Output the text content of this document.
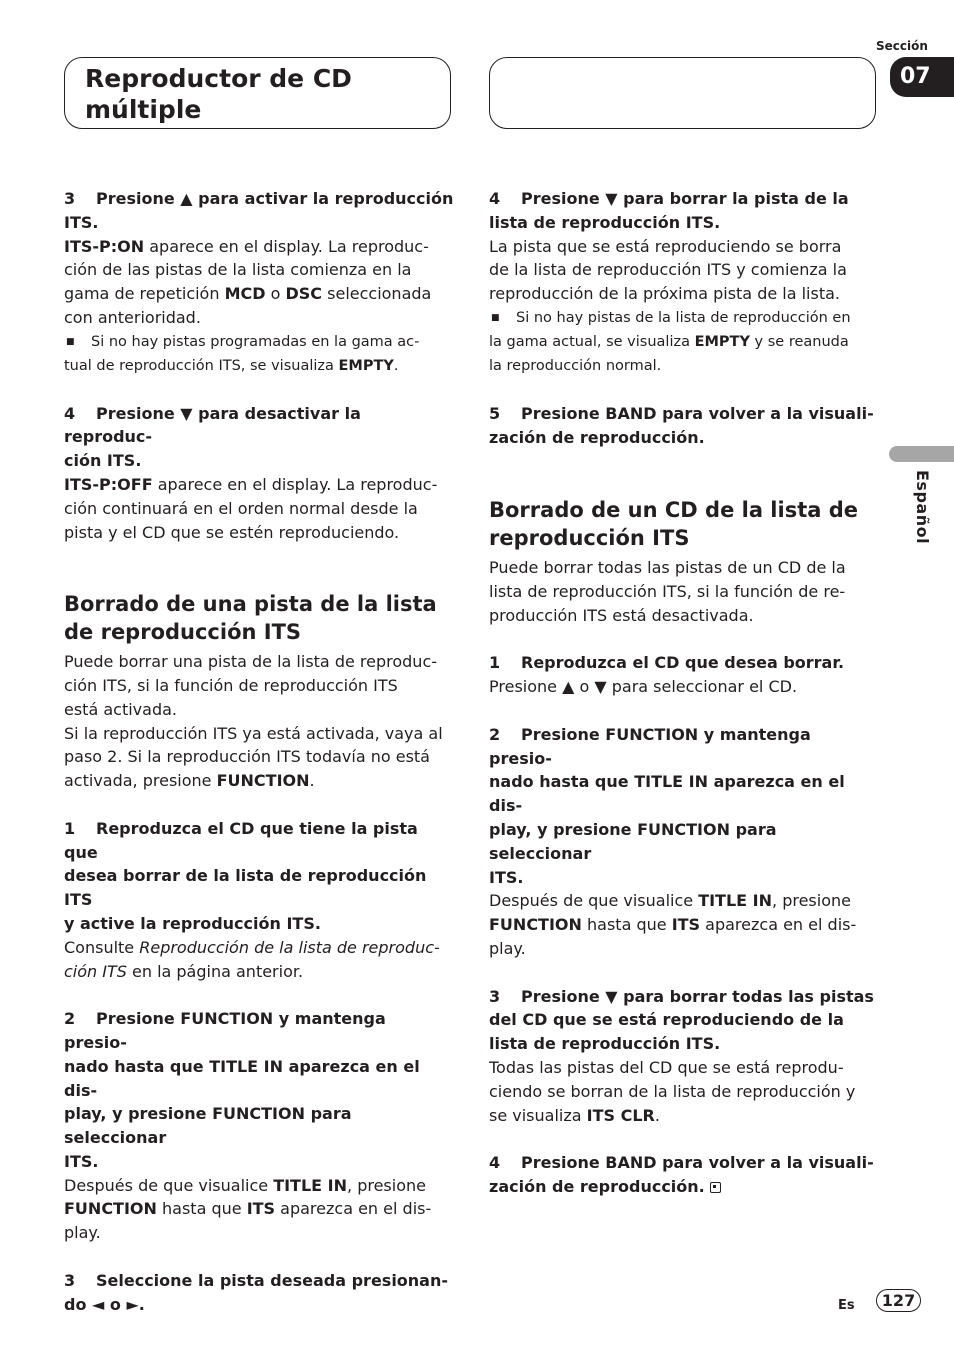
Reproductor de CD
múltiple
Sección
07
Español

3 Presione ▲ para activar la reproducción

ITS.

ITS-P:ON aparece en el display. La reproduc-

ción de las pistas de la lista comienza en la

gama de repetición MCD o DSC seleccionada

con anterioridad.

■ Si no hay pistas programadas en la gama ac-

tual de reproducción ITS, se visualiza EMPTY.

4 Presione ▼ para desactivar la reproduc-

ción ITS.

ITS-P:OFF aparece en el display. La reproduc-

ción continuará en el orden normal desde la

pista y el CD que se estén reproduciendo.

Borrado de una pista de la lista
de reproducción ITS

Puede borrar una pista de la lista de reproduc-

ción ITS, si la función de reproducción ITS

está activada.

Si la reproducción ITS ya está activada, vaya al

paso 2. Si la reproducción ITS todavía no está

activada, presione FUNCTION.

1 Reproduzca el CD que tiene la pista que

desea borrar de la lista de reproducción ITS

y active la reproducción ITS.

Consulte Reproducción de la lista de reproduc-

ción ITS en la página anterior.

2 Presione FUNCTION y mantenga presio-

nado hasta que TITLE IN aparezca en el dis-

play, y presione FUNCTION para seleccionar

ITS.

Después de que visualice TITLE IN, presione

FUNCTION hasta que ITS aparezca en el dis-

play.

3 Seleccione la pista deseada presionan-

do ◄ o ►.

4 Presione ▼ para borrar la pista de la

lista de reproducción ITS.

La pista que se está reproduciendo se borra

de la lista de reproducción ITS y comienza la

reproducción de la próxima pista de la lista.

■ Si no hay pistas de la lista de reproducción en

la gama actual, se visualiza EMPTY y se reanuda

la reproducción normal.

5 Presione BAND para volver a la visuali-

zación de reproducción.

Borrado de un CD de la lista de
reproducción ITS

Puede borrar todas las pistas de un CD de la

lista de reproducción ITS, si la función de re-

producción ITS está desactivada.

1 Reproduzca el CD que desea borrar.

Presione ▲ o ▼ para seleccionar el CD.

2 Presione FUNCTION y mantenga presio-

nado hasta que TITLE IN aparezca en el dis-

play, y presione FUNCTION para seleccionar

ITS.

Después de que visualice TITLE IN, presione

FUNCTION hasta que ITS aparezca en el dis-

play.

3 Presione ▼ para borrar todas las pistas

del CD que se está reproduciendo de la

lista de reproducción ITS.

Todas las pistas del CD que se está reprodu-

ciendo se borran de la lista de reproducción y

se visualiza ITS CLR.

4 Presione BAND para volver a la visuali-

zación de reproducción.

Es	127
